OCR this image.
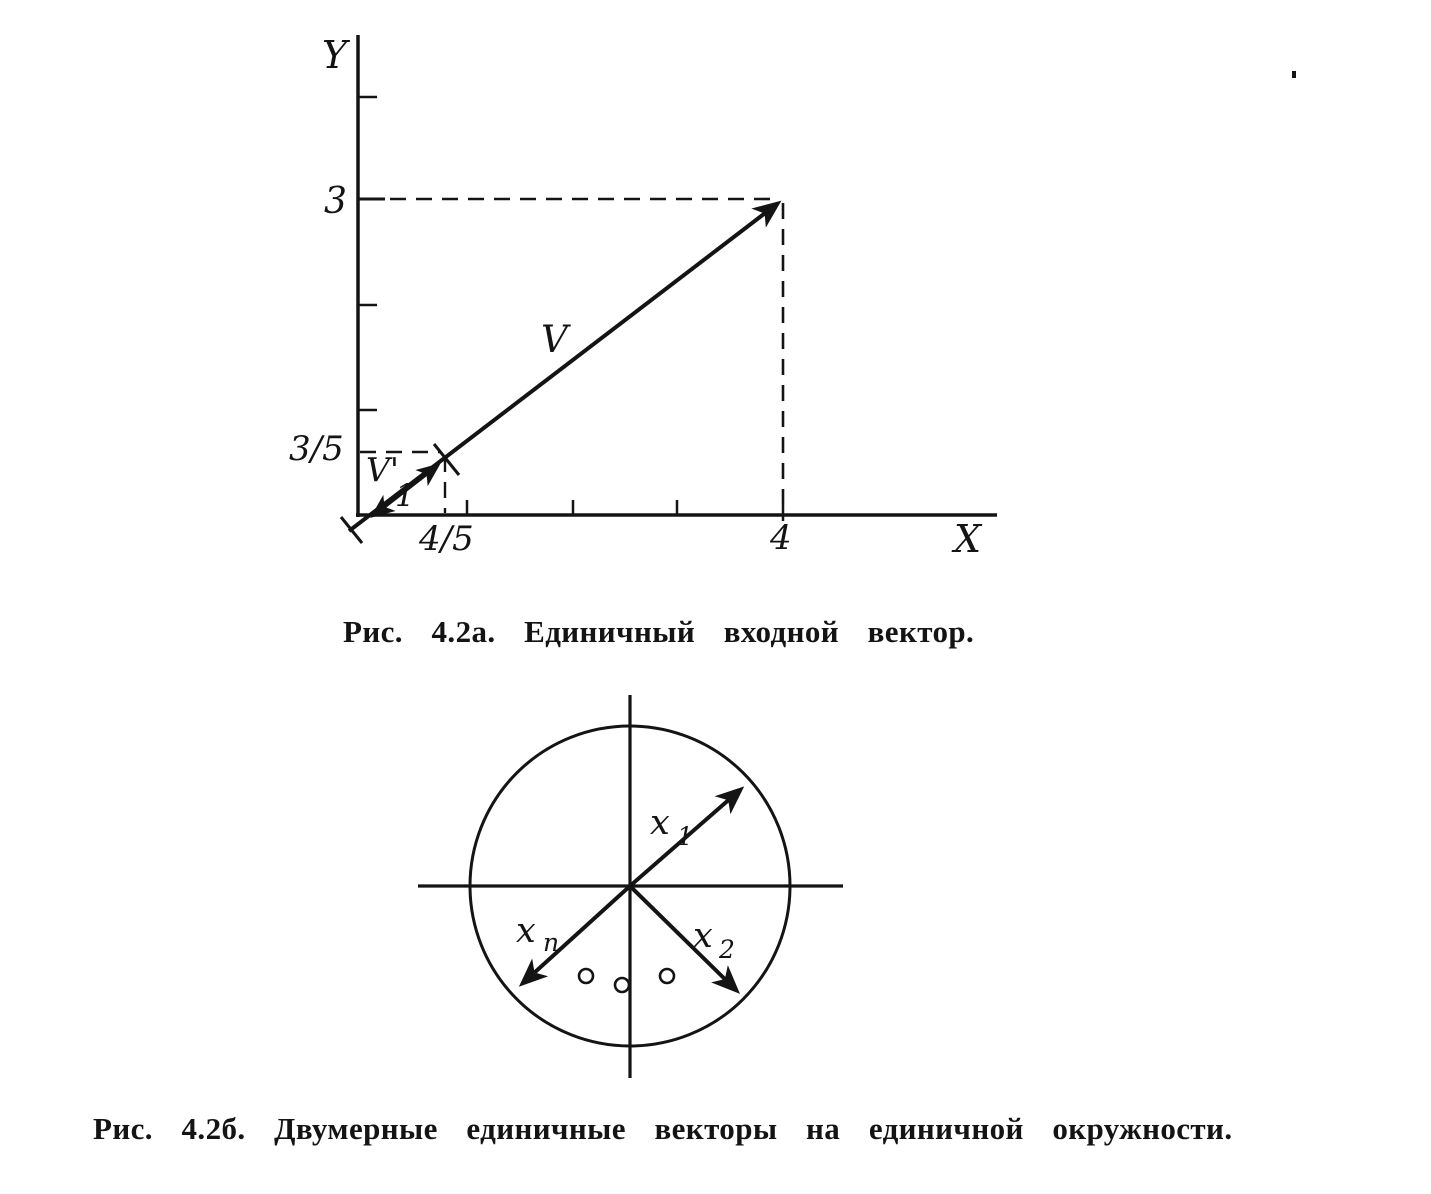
Y
X
3
3/5
4/5	4
V
V'
1
x 1
x 2
x n
Рис. 4.2а. Единичный входной вектор.
Рис. 4.2б. Двумерные единичные векторы на единичной окружности.
